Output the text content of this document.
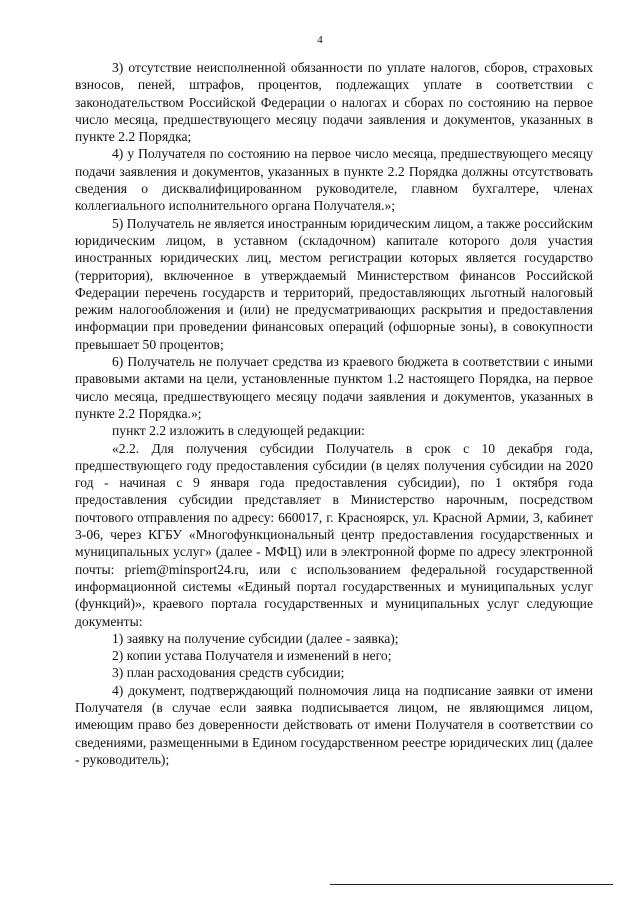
4

3) отсутствие неисполненной обязанности по уплате налогов, сборов, страховых взносов, пеней, штрафов, процентов, подлежащих уплате в соответствии с законодательством Российской Федерации о налогах и сборах по состоянию на первое число месяца, предшествующего месяцу подачи заявления и документов, указанных в пункте 2.2 Порядка;

4) у Получателя по состоянию на первое число месяца, предшествующего месяцу подачи заявления и документов, указанных в пункте 2.2 Порядка должны отсутствовать сведения о дисквалифицированном руководителе, главном бухгалтере, членах коллегиального исполнительного органа Получателя.»;

5) Получатель не является иностранным юридическим лицом, а также российским юридическим лицом, в уставном (складочном) капитале которого доля участия иностранных юридических лиц, местом регистрации которых является государство (территория), включенное в утверждаемый Министерством финансов Российской Федерации перечень государств и территорий, предоставляющих льготный налоговый режим налогообложения и (или) не предусматривающих раскрытия и предоставления информации при проведении финансовых операций (офшорные зоны), в совокупности превышает 50 процентов;

6) Получатель не получает средства из краевого бюджета в соответствии с иными правовыми актами на цели, установленные пунктом 1.2 настоящего Порядка, на первое число месяца, предшествующего месяцу подачи заявления и документов, указанных в пункте 2.2 Порядка.»;

пункт 2.2 изложить в следующей редакции:

«2.2. Для получения субсидии Получатель в срок с 10 декабря года, предшествующего году предоставления субсидии (в целях получения субсидии на 2020 год - начиная с 9 января года предоставления субсидии), по 1 октября года предоставления субсидии представляет в Министерство нарочным, посредством почтового отправления по адресу: 660017, г. Красноярск, ул. Красной Армии, 3, кабинет 3-06, через КГБУ «Многофункциональный центр предоставления государственных и муниципальных услуг» (далее - МФЦ) или в электронной форме по адресу электронной почты: priem@minsport24.ru, или с использованием федеральной государственной информационной системы «Единый портал государственных и муниципальных услуг (функций)», краевого портала государственных и муниципальных услуг следующие документы:

1) заявку на получение субсидии (далее - заявка);

2) копии устава Получателя и изменений в него;

3) план расходования средств субсидии;

4) документ, подтверждающий полномочия лица на подписание заявки от имени Получателя (в случае если заявка подписывается лицом, не являющимся лицом, имеющим право без доверенности действовать от имени Получателя в соответствии со сведениями, размещенными в Едином государственном реестре юридических лиц (далее - руководитель);
